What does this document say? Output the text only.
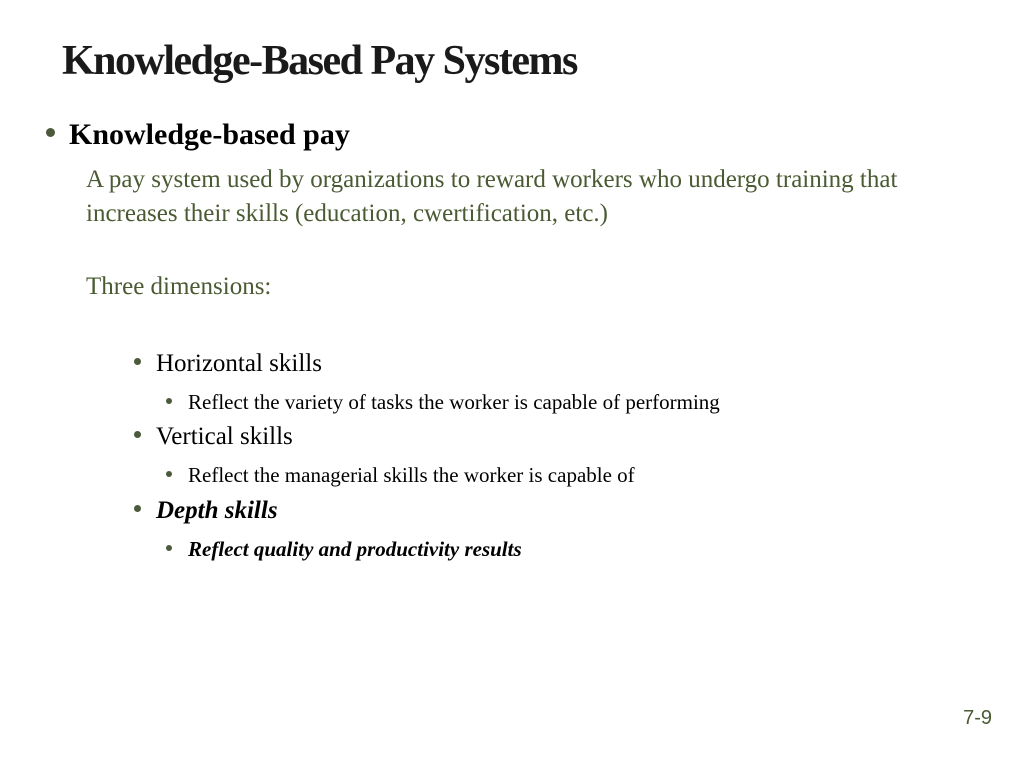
Knowledge-Based Pay Systems
Knowledge-based pay

A pay system used by organizations to reward workers who undergo training that increases their skills (education, cwertification, etc.)

Three dimensions:

Horizontal skills
Reflect the variety of tasks the worker is capable of performing
Vertical skills
Reflect the managerial skills the worker is capable of
Depth skills
Reflect quality and productivity results
7-9
